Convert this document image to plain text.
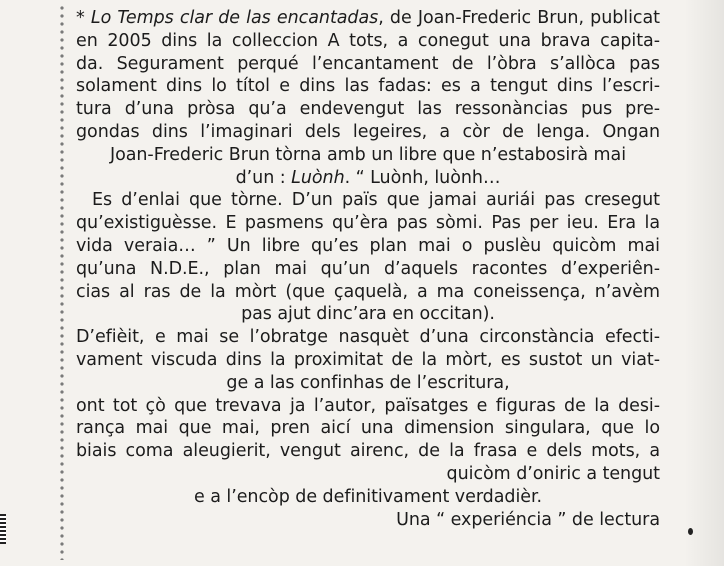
* Lo Temps clar de las encantadas, de Joan-Frederic Brun, publicat
en 2005 dins la colleccion A tots, a conegut una brava capita-
da. Segurament perqué l’encantament de l’òbra s’allòca pas
solament dins lo títol e dins las fadas: es a tengut dins l’escri-
tura d’una pròsa qu’a endevengut las ressonàncias pus pre-
gondas dins l’imaginari dels legeires, a còr de lenga. Ongan
Joan-Frederic Brun tòrna amb un libre que n’estabosirà mai
d’un : Luònh. “ Luònh, luònh…
Es d’enlai que tòrne. D’un païs que jamai auriái pas cresegut
qu’existiguèsse. E pasmens qu’èra pas sòmi. Pas per ieu. Era la
vida veraia… ” Un libre qu’es plan mai o puslèu quicòm mai
qu’una N.D.E., plan mai qu’un d’aquels racontes d’experiên-
cias al ras de la mòrt (que çaquelà, a ma coneissença, n’avèm
pas ajut dinc’ara en occitan).
D’efièit, e mai se l’obratge nasquèt d’una circonstància efecti-
vament viscuda dins la proximitat de la mòrt, es sustot un viat-
ge a las confinhas de l’escritura,
ont tot çò que trevava ja l’autor, païsatges e figuras de la desi-
rança mai que mai, pren aicí una dimension singulara, que lo
biais coma aleugierit, vengut airenc, de la frasa e dels mots, a
quicòm d’oniric a tengut
e a l’encòp de definitivament verdadièr.
Una “ experiéncia ” de lectura
